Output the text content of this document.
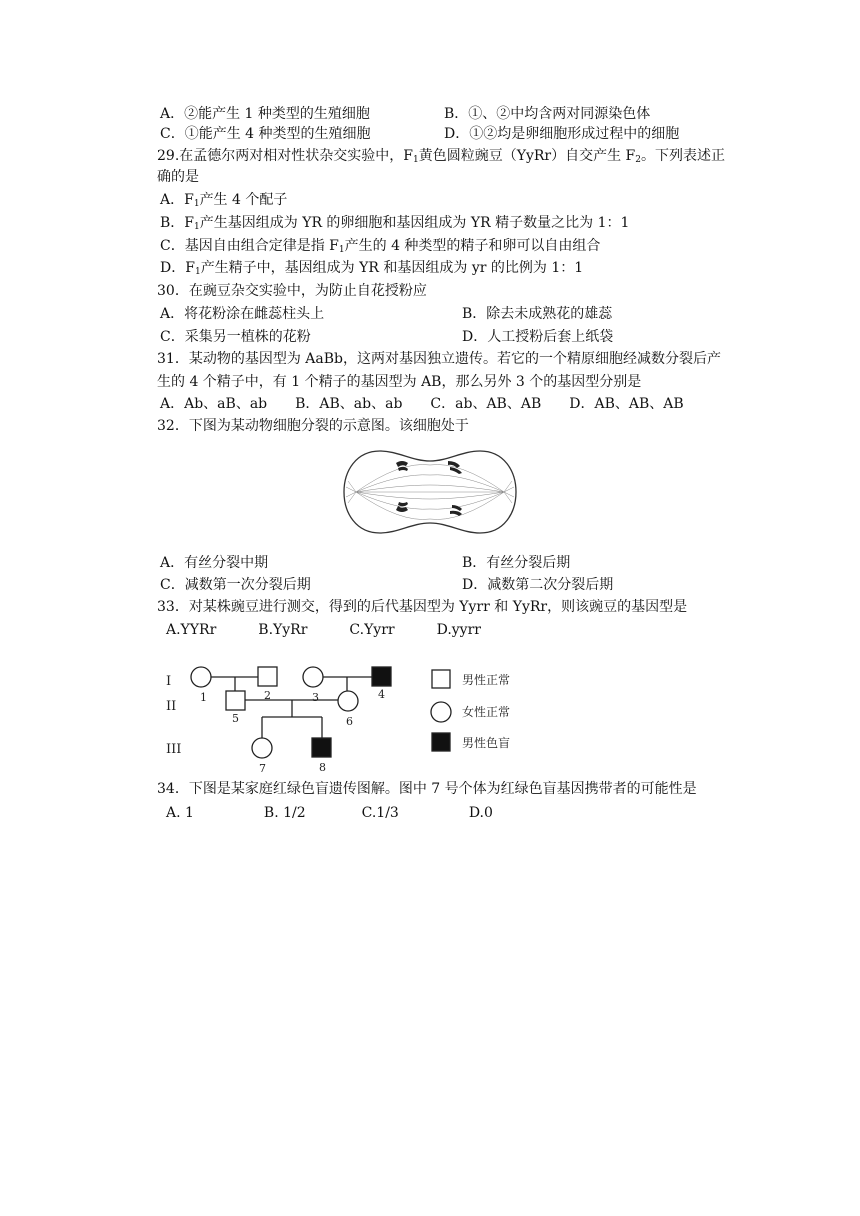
A．②能产生 1 种类型的生殖细胞	B．①、②中均含两对同源染色体
C．①能产生 4 种类型的生殖细胞	D．①②均是卵细胞形成过程中的细胞
29.在孟德尔两对相对性状杂交实验中，$F_1$黄色圆粒豌豆（YyRr）自交产生 $F_2$。下列表述正
确的是
A．$F_1$产生 4 个配子
B．$F_1$产生基因组成为 YR 的卵细胞和基因组成为 YR 精子数量之比为 1：1
C．基因自由组合定律是指 $F_1$产生的 4 种类型的精子和卵可以自由组合
D．$F_1$产生精子中，基因组成为 YR 和基因组成为 yr 的比例为 1：1
30．在豌豆杂交实验中，为防止自花授粉应
A．将花粉涂在雌蕊柱头上	B．除去未成熟花的雄蕊
C．采集另一植株的花粉	D．人工授粉后套上纸袋
31．某动物的基因型为 AaBb，这两对基因独立遗传。若它的一个精原细胞经减数分裂后产
生的 4 个精子中，有 1 个精子的基因型为 AB，那么另外 3 个的基因型分别是
A．Ab、aB、ab　　B．AB、ab、ab　　C．ab、AB、AB　　D．AB、AB、AB
32．下图为某动物细胞分裂的示意图。该细胞处于
A．有丝分裂中期	B．有丝分裂后期
C．减数第一次分裂后期	D．减数第二次分裂后期
33．对某株豌豆进行测交，得到的后代基因型为 Yyrr 和 YyRr，则该豌豆的基因型是
A.YYRr　　　B.YyRr　　　C.Yyrr　　　D.yyrr
I
II
III
1	2	3	4
5	6
7	8
男性正常
女性正常
男性色盲
34．下图是某家庭红绿色盲遗传图解。图中 7 号个体为红绿色盲基因携带者的可能性是
A. 1　　　　　B. 1/2　　　　C.1/3　　　　　D.0
